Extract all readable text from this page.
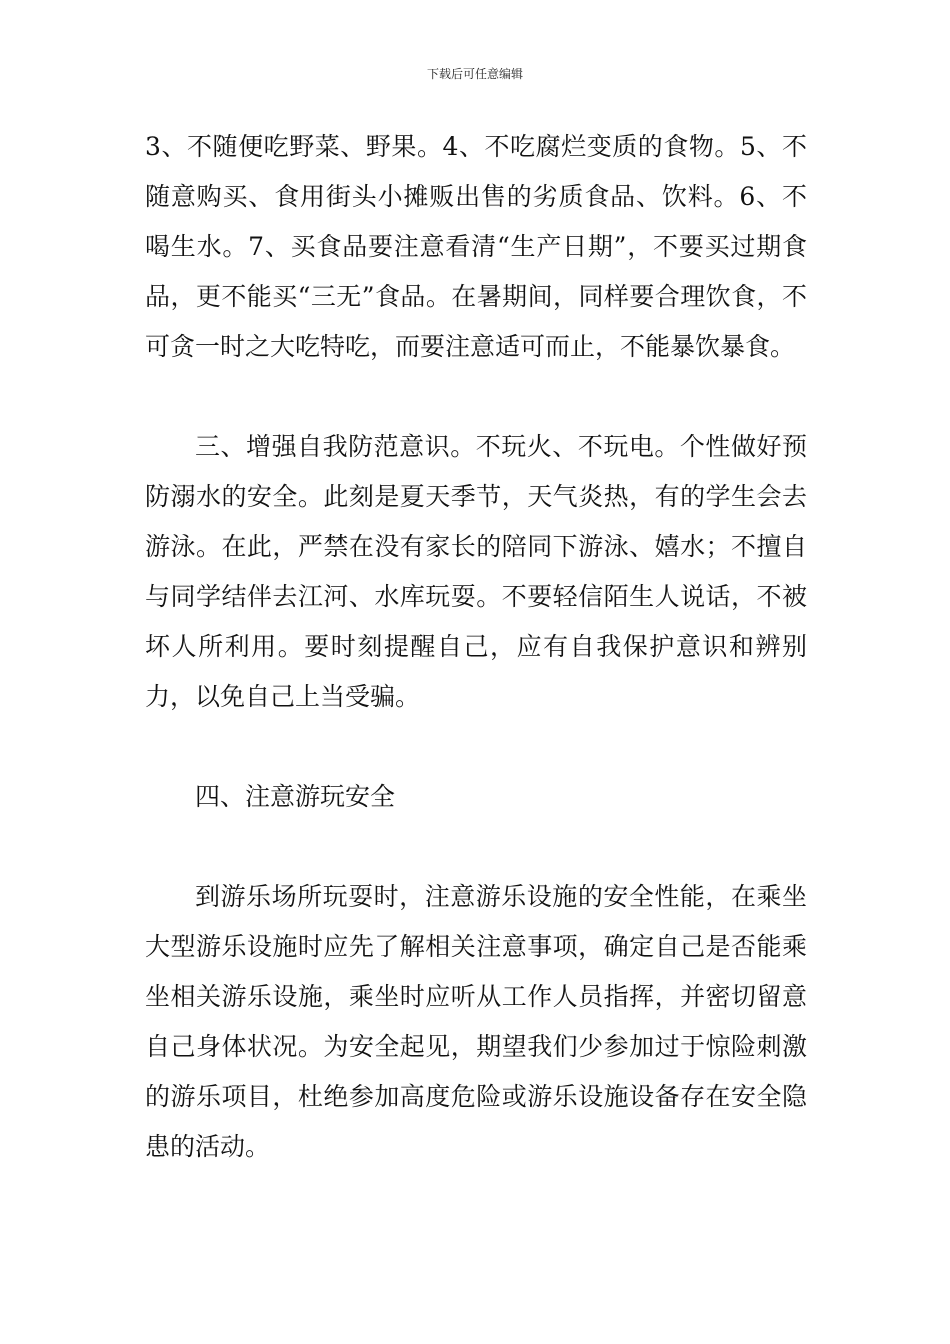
下载后可任意编辑

3、不随便吃野菜、野果。4、不吃腐烂变质的食物。5、不随意购买、食用街头小摊贩出售的劣质食品、饮料。6、不喝生水。7、买食品要注意看清“生产日期”，不要买过期食品，更不能买“三无”食品。在暑期间，同样要合理饮食，不可贪一时之大吃特吃，而要注意适可而止，不能暴饮暴食。

三、增强自我防范意识。不玩火、不玩电。个性做好预防溺水的安全。此刻是夏天季节，天气炎热，有的学生会去游泳。在此，严禁在没有家长的陪同下游泳、嬉水；不擅自与同学结伴去江河、水库玩耍。不要轻信陌生人说话，不被坏人所利用。要时刻提醒自己，应有自我保护意识和辨别力，以免自己上当受骗。

四、注意游玩安全

到游乐场所玩耍时，注意游乐设施的安全性能，在乘坐大型游乐设施时应先了解相关注意事项，确定自己是否能乘坐相关游乐设施，乘坐时应听从工作人员指挥，并密切留意自己身体状况。为安全起见，期望我们少参加过于惊险刺激的游乐项目，杜绝参加高度危险或游乐设施设备存在安全隐患的活动。
